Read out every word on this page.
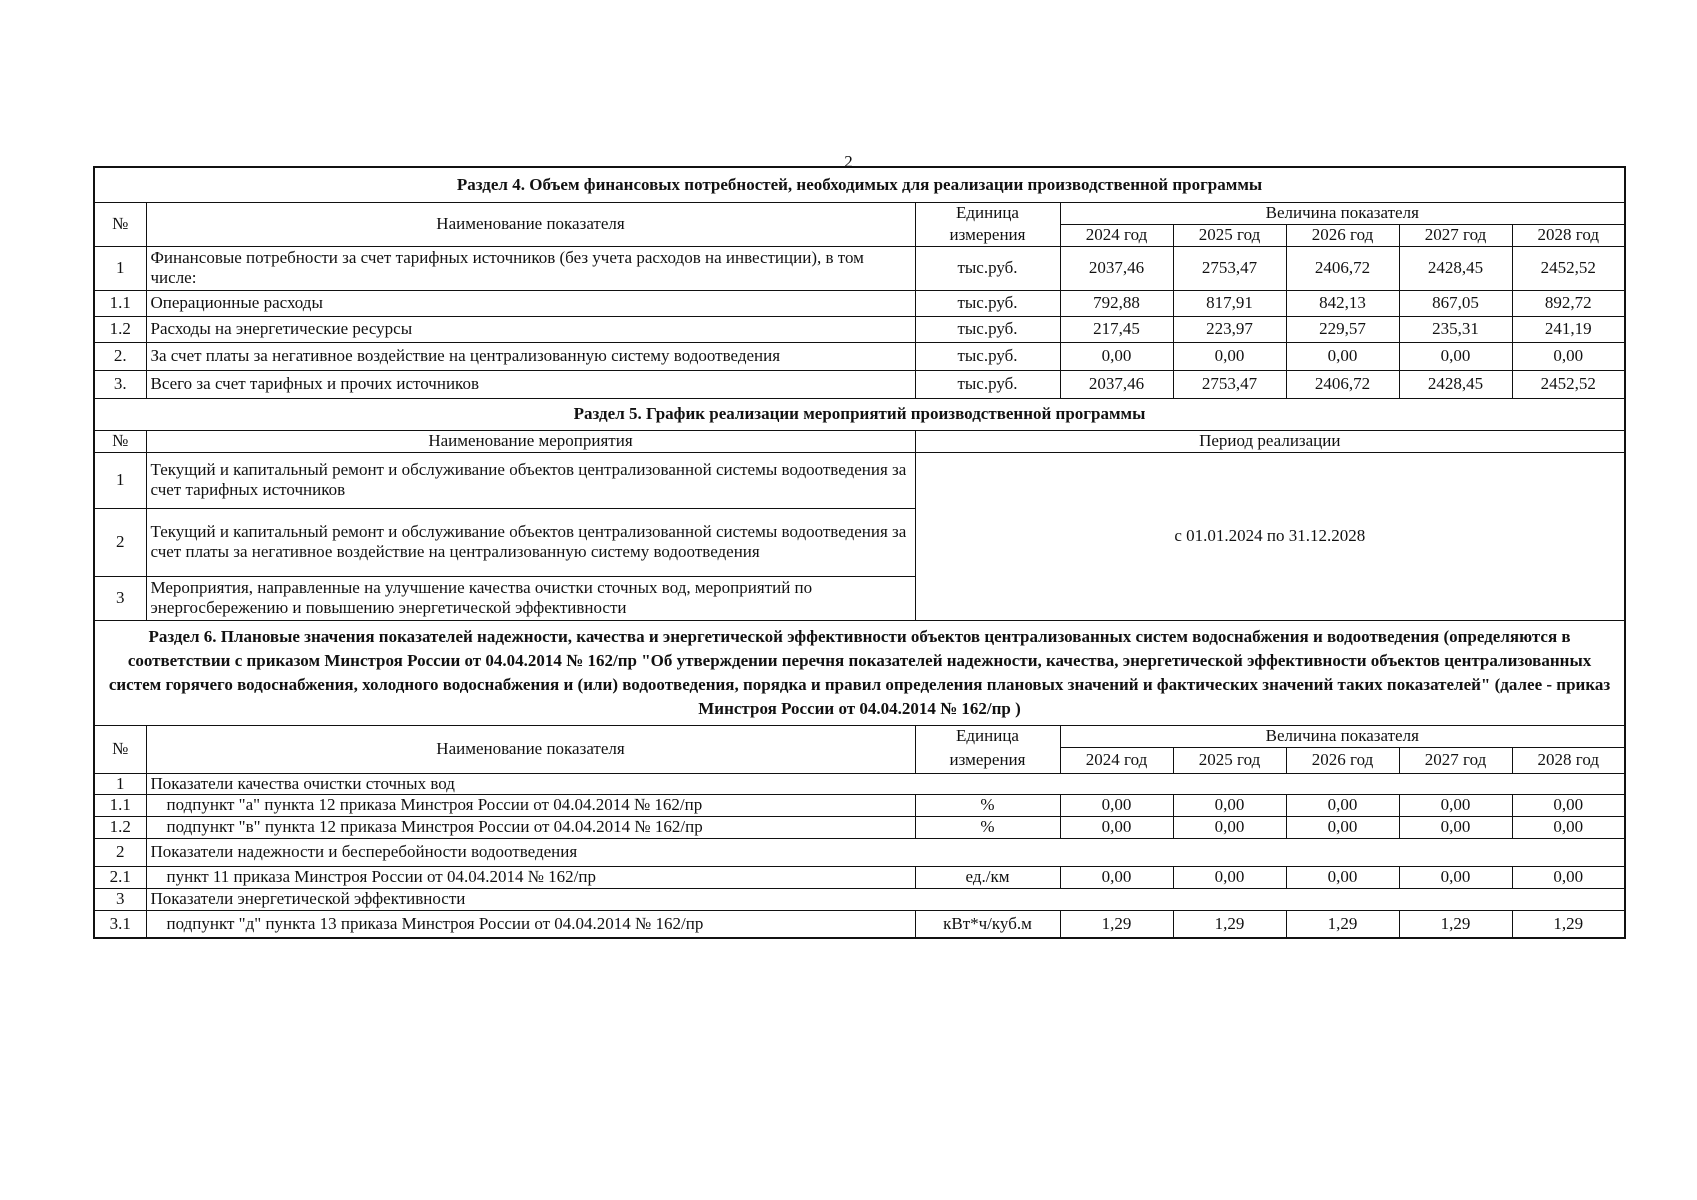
2
Раздел 4. Объем финансовых потребностей, необходимых для реализации производственной программы							
№	Наименование показателя	Единица	Величина показателя				
		измерения	2024 год	2025 год	2026 год	2027 год	2028 год
1	Финансовые потребности за счет тарифных источников (без учета расходов на инвестиции), в том числе:	тыс.руб.	2037,46	2753,47	2406,72	2428,45	2452,52
1.1	Операционные расходы	тыс.руб.	792,88	817,91	842,13	867,05	892,72
1.2	Расходы на энергетические ресурсы	тыс.руб.	217,45	223,97	229,57	235,31	241,19
2.	За счет платы за негативное воздействие на централизованную систему водоотведения	тыс.руб.	0,00	0,00	0,00	0,00	0,00
3.	Всего за счет тарифных и прочих источников	тыс.руб.	2037,46	2753,47	2406,72	2428,45	2452,52
Раздел 5. График реализации мероприятий производственной программы							
№	Наименование мероприятия	Период реализации					
1	Текущий и капитальный ремонт и обслуживание объектов централизованной системы водоотведения за счет тарифных источников	с 01.01.2024 по 31.12.2028					
2	Текущий и капитальный ремонт и обслуживание объектов централизованной системы водоотведения за счет платы за негативное воздействие на централизованную систему водоотведения						
3	Мероприятия, направленные на улучшение качества очистки сточных вод, мероприятий по энергосбережению и повышению энергетической эффективности						
Раздел 6. Плановые значения показателей надежности, качества и энергетической эффективности объектов централизованных систем водоснабжения и водоотведения (определяются в соответствии с приказом Минстроя России от 04.04.2014 № 162/пр "Об утверждении перечня показателей надежности, качества, энергетической эффективности объектов централизованных систем горячего водоснабжения, холодного водоснабжения и (или) водоотведения, порядка и правил определения плановых значений и фактических значений таких показателей" (далее - приказ Минстроя России от 04.04.2014 № 162/пр )							
№	Наименование показателя	Единица	Величина показателя				
		измерения	2024 год	2025 год	2026 год	2027 год	2028 год
1	Показатели качества очистки сточных вод						
1.1	подпункт "а" пункта 12 приказа Минстроя России от 04.04.2014 № 162/пр	%	0,00	0,00	0,00	0,00	0,00
1.2	подпункт "в" пункта 12 приказа Минстроя России от 04.04.2014 № 162/пр	%	0,00	0,00	0,00	0,00	0,00
2	Показатели надежности и бесперебойности водоотведения						
2.1	пункт 11 приказа Минстроя России от 04.04.2014 № 162/пр	ед./км	0,00	0,00	0,00	0,00	0,00
3	Показатели энергетической эффективности						
3.1	подпункт "д" пункта 13 приказа Минстроя России от 04.04.2014 № 162/пр	кВт*ч/куб.м	1,29	1,29	1,29	1,29	1,29
